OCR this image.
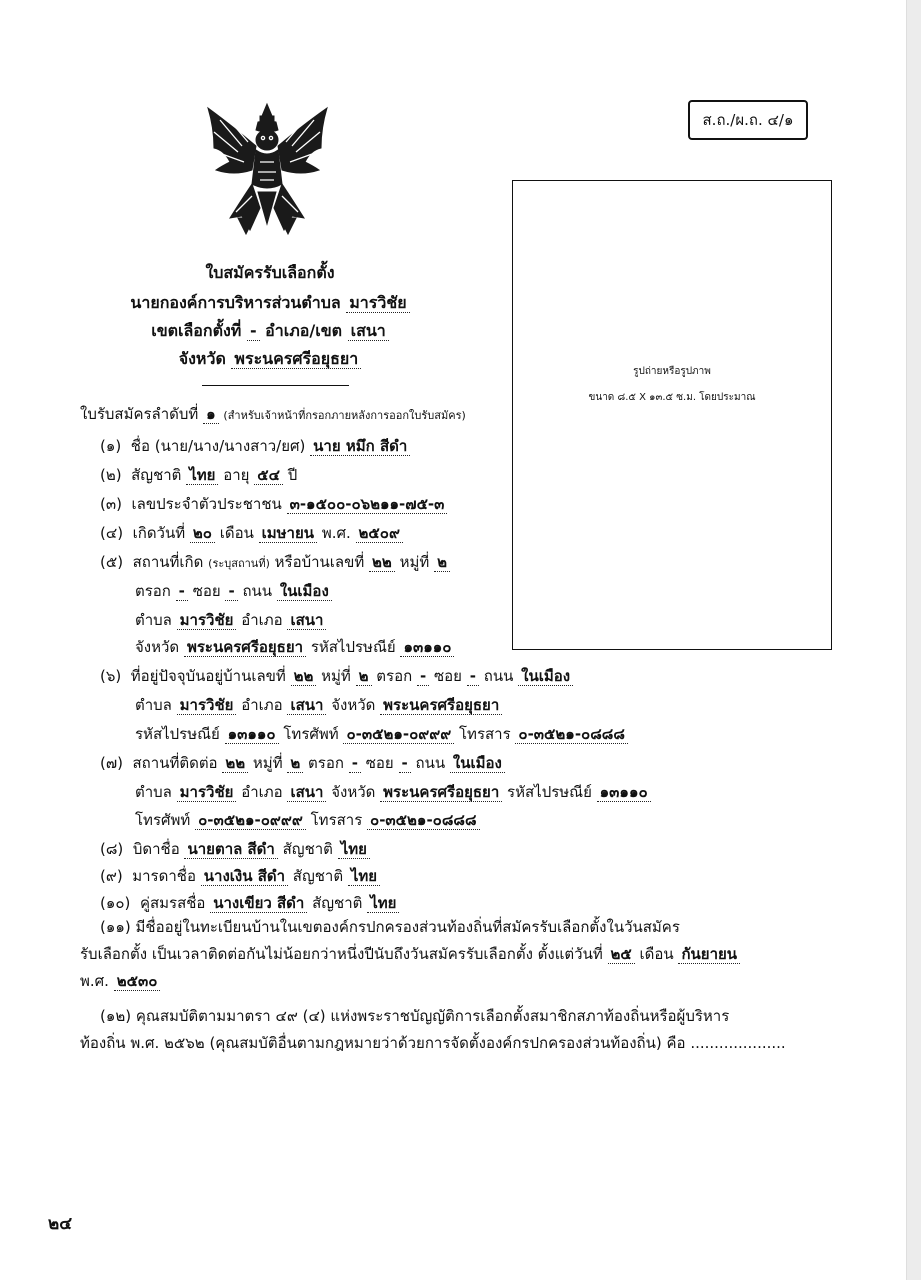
ส.ถ./ผ.ถ. ๔/๑
รูปถ่ายหรือรูปภาพ
ขนาด ๘.๕ X ๑๓.๕ ซ.ม. โดยประมาณ
ใบสมัครรับเลือกตั้ง
นายกองค์การบริหารส่วนตำบล มารวิชัย
เขตเลือกตั้งที่ - อำเภอ/เขต เสนา
จังหวัด พระนครศรีอยุธยา
ใบรับสมัครลำดับที่ ๑ (สำหรับเจ้าหน้าที่กรอกภายหลังการออกใบรับสมัคร)
(๑) ชื่อ (นาย/นาง/นางสาว/ยศ) นาย หมึก สีดำ
(๒) สัญชาติ ไทย อายุ ๕๔ ปี
(๓) เลขประจำตัวประชาชน ๓-๑๕๐๐-๐๖๒๑๑-๗๕-๓
(๔) เกิดวันที่ ๒๐ เดือน เมษายน พ.ศ. ๒๕๐๙
(๕) สถานที่เกิด (ระบุสถานที่) หรือบ้านเลขที่ ๒๒ หมู่ที่ ๒
ตรอก - ซอย - ถนน ในเมือง
ตำบล มารวิชัย อำเภอ เสนา
จังหวัด พระนครศรีอยุธยา รหัสไปรษณีย์ ๑๓๑๑๐
(๖) ที่อยู่ปัจจุบันอยู่บ้านเลขที่ ๒๒ หมู่ที่ ๒ ตรอก - ซอย - ถนน ในเมือง
ตำบล มารวิชัย อำเภอ เสนา จังหวัด พระนครศรีอยุธยา
รหัสไปรษณีย์ ๑๓๑๑๐ โทรศัพท์ ๐-๓๕๒๑-๐๙๙๙ โทรสาร ๐-๓๕๒๑-๐๘๘๘
(๗) สถานที่ติดต่อ ๒๒ หมู่ที่ ๒ ตรอก - ซอย - ถนน ในเมือง
ตำบล มารวิชัย อำเภอ เสนา จังหวัด พระนครศรีอยุธยา รหัสไปรษณีย์ ๑๓๑๑๐
โทรศัพท์ ๐-๓๕๒๑-๐๙๙๙ โทรสาร ๐-๓๕๒๑-๐๘๘๘
(๘) บิดาชื่อ นายตาล สีดำ สัญชาติ ไทย
(๙) มารดาชื่อ นางเงิน สีดำ สัญชาติ ไทย
(๑๐) คู่สมรสชื่อ นางเขียว สีดำ สัญชาติ ไทย
(๑๑) มีชื่ออยู่ในทะเบียนบ้านในเขตองค์กรปกครองส่วนท้องถิ่นที่สมัครรับเลือกตั้งในวันสมัคร
รับเลือกตั้ง เป็นเวลาติดต่อกันไม่น้อยกว่าหนึ่งปีนับถึงวันสมัครรับเลือกตั้ง ตั้งแต่วันที่ ๒๕ เดือน กันยายน
พ.ศ. ๒๕๓๐
(๑๒) คุณสมบัติตามมาตรา ๔๙ (๔) แห่งพระราชบัญญัติการเลือกตั้งสมาชิกสภาท้องถิ่นหรือผู้บริหาร
ท้องถิ่น พ.ศ. ๒๕๖๒ (คุณสมบัติอื่นตามกฎหมายว่าด้วยการจัดตั้งองค์กรปกครองส่วนท้องถิ่น) คือ ....................
๒๔
